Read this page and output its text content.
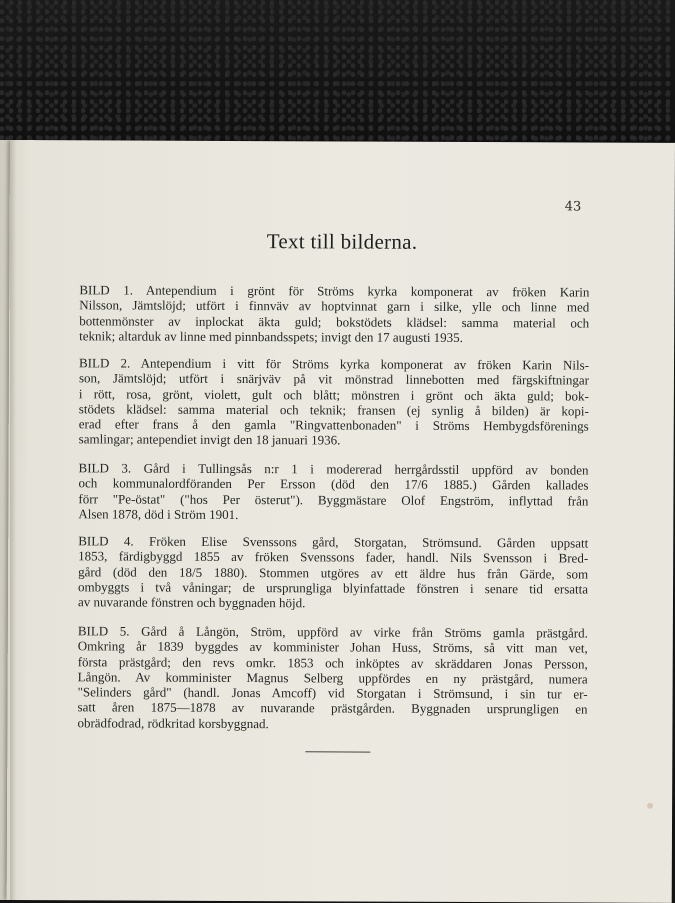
43
Text till bilderna.
BILD 1. Antependium i grönt för Ströms kyrka komponerat av fröken Karin
Nilsson, Jämtslöjd; utfört i finnväv av hoptvinnat garn i silke, ylle och linne med
bottenmönster av inplockat äkta guld; bokstödets klädsel: samma material och
teknik; altarduk av linne med pinnbandsspets; invigt den 17 augusti 1935.
BILD 2. Antependium i vitt för Ströms kyrka komponerat av fröken Karin Nils-
son, Jämtslöjd; utfört i snärjväv på vit mönstrad linnebotten med färgskiftningar
i rött, rosa, grönt, violett, gult och blått; mönstren i grönt och äkta guld; bok-
stödets klädsel: samma material och teknik; fransen (ej synlig å bilden) är kopi-
erad efter frans å den gamla "Ringvattenbonaden" i Ströms Hembygdsförenings
samlingar; antependiet invigt den 18 januari 1936.
BILD 3. Gård i Tullingsås n:r 1 i modererad herrgårdsstil uppförd av bonden
och kommunalordföranden Per Ersson (död den 17/6 1885.) Gården kallades
förr "Pe-östat" ("hos Per österut"). Byggmästare Olof Engström, inflyttad från
Alsen 1878, död i Ström 1901.
BILD 4. Fröken Elise Svenssons gård, Storgatan, Strömsund. Gården uppsatt
1853, färdigbyggd 1855 av fröken Svenssons fader, handl. Nils Svensson i Bred-
gård (död den 18/5 1880). Stommen utgöres av ett äldre hus från Gärde, som
ombyggts i två våningar; de ursprungliga blyinfattade fönstren i senare tid ersatta
av nuvarande fönstren och byggnaden höjd.
BILD 5. Gård å Långön, Ström, uppförd av virke från Ströms gamla prästgård.
Omkring år 1839 byggdes av komminister Johan Huss, Ströms, så vitt man vet,
första prästgård; den revs omkr. 1853 och inköptes av skräddaren Jonas Persson,
Långön. Av komminister Magnus Selberg uppfördes en ny prästgård, numera
"Selinders gård" (handl. Jonas Amcoff) vid Storgatan i Strömsund, i sin tur er-
satt åren 1875—1878 av nuvarande prästgården. Byggnaden ursprungligen en
obrädfodrad, rödkritad korsbyggnad.
